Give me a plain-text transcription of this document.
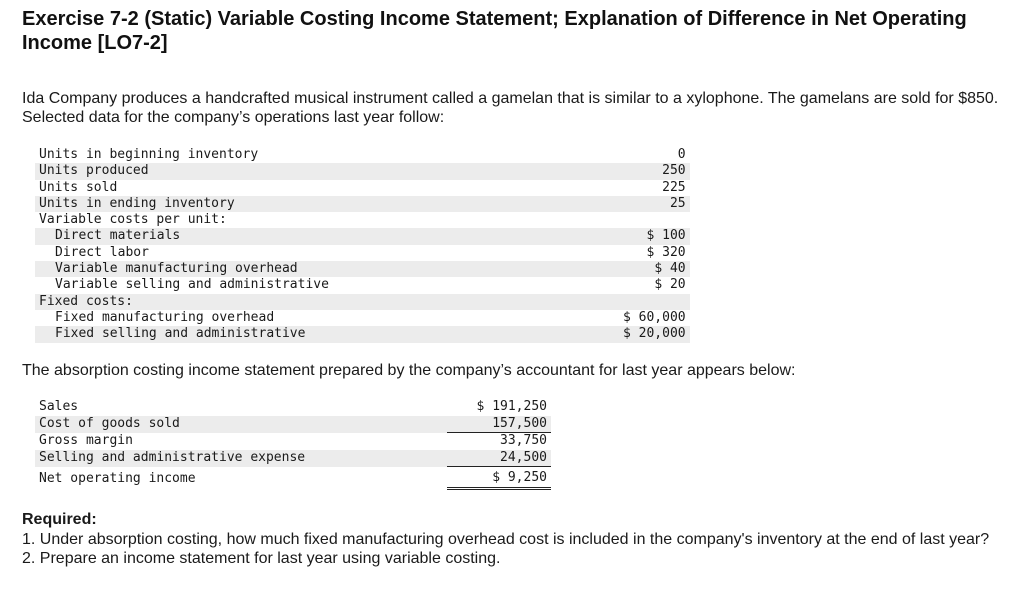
Exercise 7-2 (Static) Variable Costing Income Statement; Explanation of Difference in Net Operating Income [LO7-2]

Ida Company produces a handcrafted musical instrument called a gamelan that is similar to a xylophone. The gamelans are sold for $850. Selected data for the company’s operations last year follow:

Units in beginning inventory	0
Units produced	250
Units sold	225
Units in ending inventory	25
Variable costs per unit:	
Direct materials	$ 100
Direct labor	$ 320
Variable manufacturing overhead	$ 40
Variable selling and administrative	$ 20
Fixed costs:	
Fixed manufacturing overhead	$ 60,000
Fixed selling and administrative	$ 20,000

The absorption costing income statement prepared by the company’s accountant for last year appears below:

Sales	$ 191,250
Cost of goods sold	157,500
Gross margin	33,750
Selling and administrative expense	24,500
Net operating income	$ 9,250

Required:

1. Under absorption costing, how much fixed manufacturing overhead cost is included in the company's inventory at the end of last year?

2. Prepare an income statement for last year using variable costing.
